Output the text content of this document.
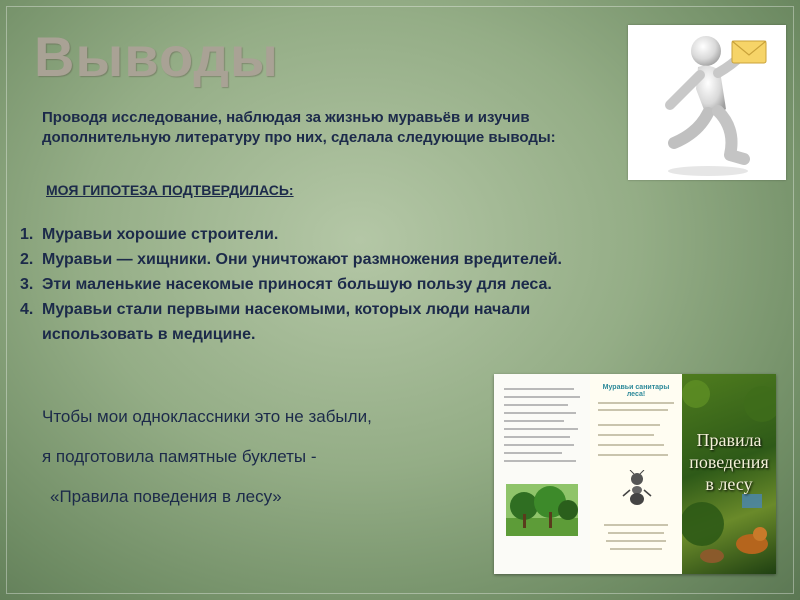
Выводы
Проводя исследование, наблюдая за жизнью муравьёв и изучив дополнительную литературу про них, сделала следующие выводы:
МОЯ ГИПОТЕЗА ПОДТВЕРДИЛАСЬ:
1. Муравьи хорошие строители.
2. Муравьи — хищники. Они уничтожают размножения вредителей.
3. Эти маленькие насекомые приносят большую пользу для леса.
4. Муравьи стали первыми насекомыми, которых люди начали использовать в медицине.
Чтобы мои одноклассники это не забыли,
я подготовила памятные буклеты -
«Правила поведения в лесу»
Муравьи санитары леса!
Правила
поведения
в лесу
